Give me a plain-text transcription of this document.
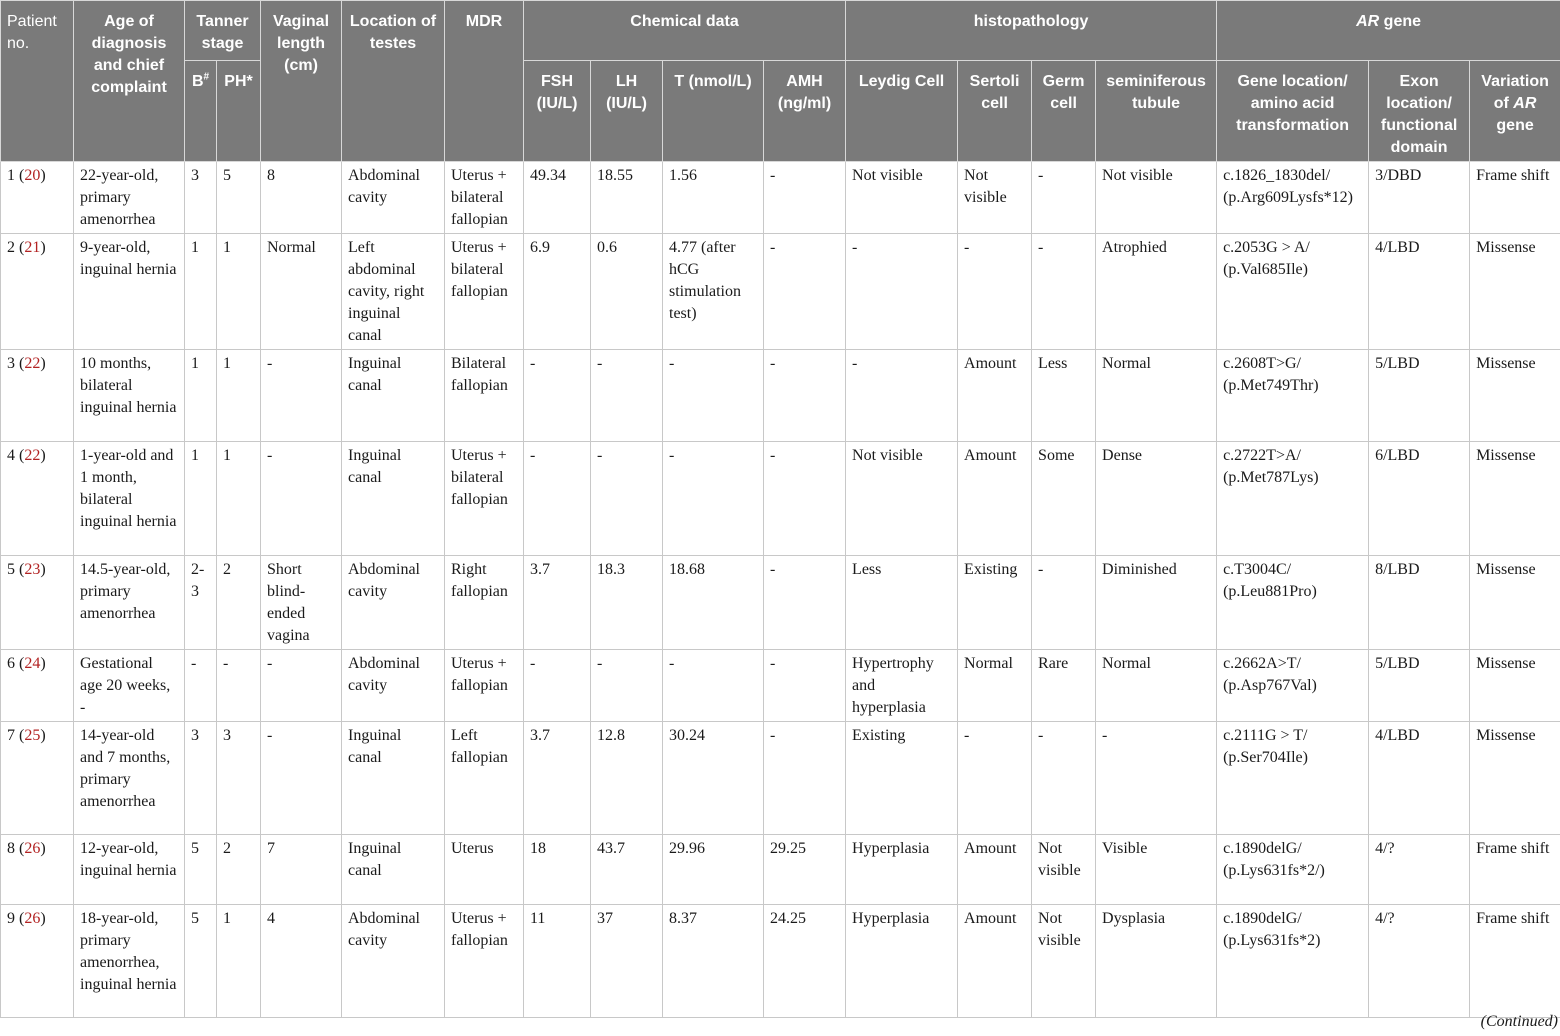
Patient no.	Age of diagnosis and chief complaint	Tanner stage		Vaginal length (cm)	Location of testes	MDR	Chemical data				histopathology				AR gene		
		B#	PH*				FSH (IU/L)	LH (IU/L)	T (nmol/L)	AMH (ng/ml)	Leydig Cell	Sertoli cell	Germ cell	seminiferous tubule	Gene location/ amino acid transformation	Exon location/ functional domain	Variation of AR gene
1 (20)	22-year-old, primary amenorrhea	3	5	8	Abdominal cavity	Uterus + bilateral fallopian	49.34	18.55	1.56	-	Not visible	Not visible	-	Not visible	c.1826_1830del/ (p.Arg609Lysfs*12)	3/DBD	Frame shift
2 (21)	9-year-old, inguinal hernia	1	1	Normal	Left abdominal cavity, right inguinal canal	Uterus + bilateral fallopian	6.9	0.6	4.77 (after hCG stimulation test)	-	-	-	-	Atrophied	c.2053G > A/ (p.Val685Ile)	4/LBD	Missense
3 (22)	10 months, bilateral inguinal hernia	1	1	-	Inguinal canal	Bilateral fallopian	-	-	-	-	-	Amount	Less	Normal	c.2608T>G/ (p.Met749Thr)	5/LBD	Missense
4 (22)	1-year-old and 1 month, bilateral inguinal hernia	1	1	-	Inguinal canal	Uterus + bilateral fallopian	-	-	-	-	Not visible	Amount	Some	Dense	c.2722T>A/ (p.Met787Lys)	6/LBD	Missense
5 (23)	14.5-year-old, primary amenorrhea	2-3	2	Short blind-ended vagina	Abdominal cavity	Right fallopian	3.7	18.3	18.68	-	Less	Existing	-	Diminished	c.T3004C/ (p.Leu881Pro)	8/LBD	Missense
6 (24)	Gestational age 20 weeks, -	-	-	-	Abdominal cavity	Uterus + fallopian	-	-	-	-	Hypertrophy and hyperplasia	Normal	Rare	Normal	c.2662A>T/ (p.Asp767Val)	5/LBD	Missense
7 (25)	14-year-old and 7 months, primary amenorrhea	3	3	-	Inguinal canal	Left fallopian	3.7	12.8	30.24	-	Existing	-	-	-	c.2111G > T/ (p.Ser704Ile)	4/LBD	Missense
8 (26)	12-year-old, inguinal hernia	5	2	7	Inguinal canal	Uterus	18	43.7	29.96	29.25	Hyperplasia	Amount	Not visible	Visible	c.1890delG/ (p.Lys631fs*2/)	4/?	Frame shift
9 (26)	18-year-old, primary amenorrhea, inguinal hernia	5	1	4	Abdominal cavity	Uterus + fallopian	11	37	8.37	24.25	Hyperplasia	Amount	Not visible	Dysplasia	c.1890delG/ (p.Lys631fs*2)	4/?	Frame shift
(Continued)
